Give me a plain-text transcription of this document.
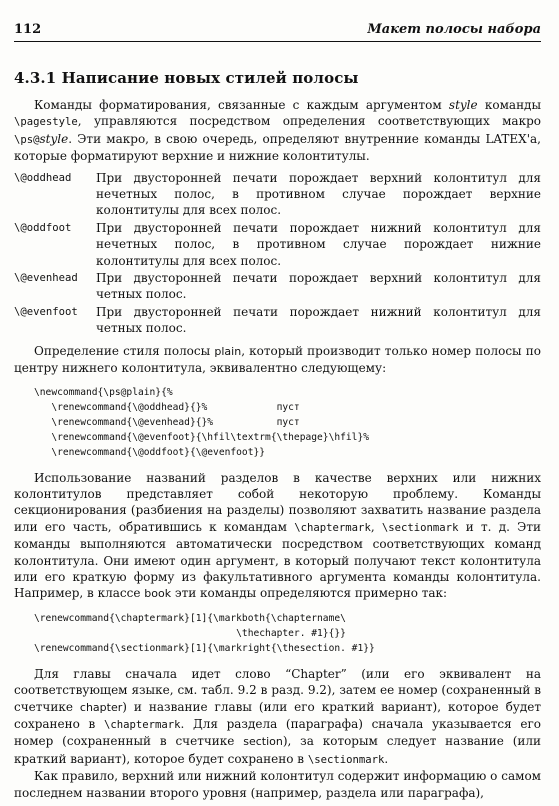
112	Макет полосы набора
4.3.1 Написание новых стилей полосы

Команды форматирования, связанные с каждым аргументом style команды \pagestyle, управляются посредством определения соответствующих макро \ps@style. Эти макро, в свою очередь, определяют внутренние команды LATEX'а, которые форматируют верхние и нижние колонтитулы.

\@oddhead	При двусторонней печати порождает верхний колонтитул для нечетных полос, в противном случае порождает верхние колонтитулы для всех полос.
\@oddfoot	При двусторонней печати порождает нижний колонтитул для нечетных полос, в противном случае порождает нижние колонтитулы для всех полос.
\@evenhead	При двусторонней печати порождает верхний колонтитул для четных полос.
\@evenfoot	При двусторонней печати порождает нижний колонтитул для четных полос.

Определение стиля полосы plain, который производит только номер полосы по центру нижнего колонтитула, эквивалентно следующему:

\newcommand{\ps@plain}{%
\renewcommand{\@oddhead}{}%            пуст
\renewcommand{\@evenhead}{}%           пуст
\renewcommand{\@evenfoot}{\hfil\textrm{\thepage}\hfil}%
\renewcommand{\@oddfoot}{\@evenfoot}}

Использование названий разделов в качестве верхних или нижних колонтитулов представляет собой некоторую проблему. Команды секционирования (разбиения на разделы) позволяют захватить название раздела или его часть, обратившись к командам \chaptermark, \sectionmark и т. д. Эти команды выполняются автоматически посредством соответствующих команд колонтитула. Они имеют один аргумент, в который получают текст колонтитула или его краткую форму из факультативного аргумента команды колонтитула. Например, в классе book эти команды определяются примерно так:

\renewcommand{\chaptermark}[1]{\markboth{\chaptername\
\thechapter. #1}{}}
\renewcommand{\sectionmark}[1]{\markright{\thesection. #1}}

Для главы сначала идет слово “Chapter” (или его эквивалент на соответствующем языке, см. табл. 9.2 в разд. 9.2), затем ее номер (сохраненный в счетчике chapter) и название главы (или его краткий вариант), которое будет сохранено в \chaptermark. Для раздела (параграфа) сначала указывается его номер (сохраненный в счетчике section), за которым следует название (или краткий вариант), которое будет сохранено в \sectionmark.

Как правило, верхний или нижний колонтитул содержит информацию о самом последнем названии второго уровня (например, раздела или параграфа),
